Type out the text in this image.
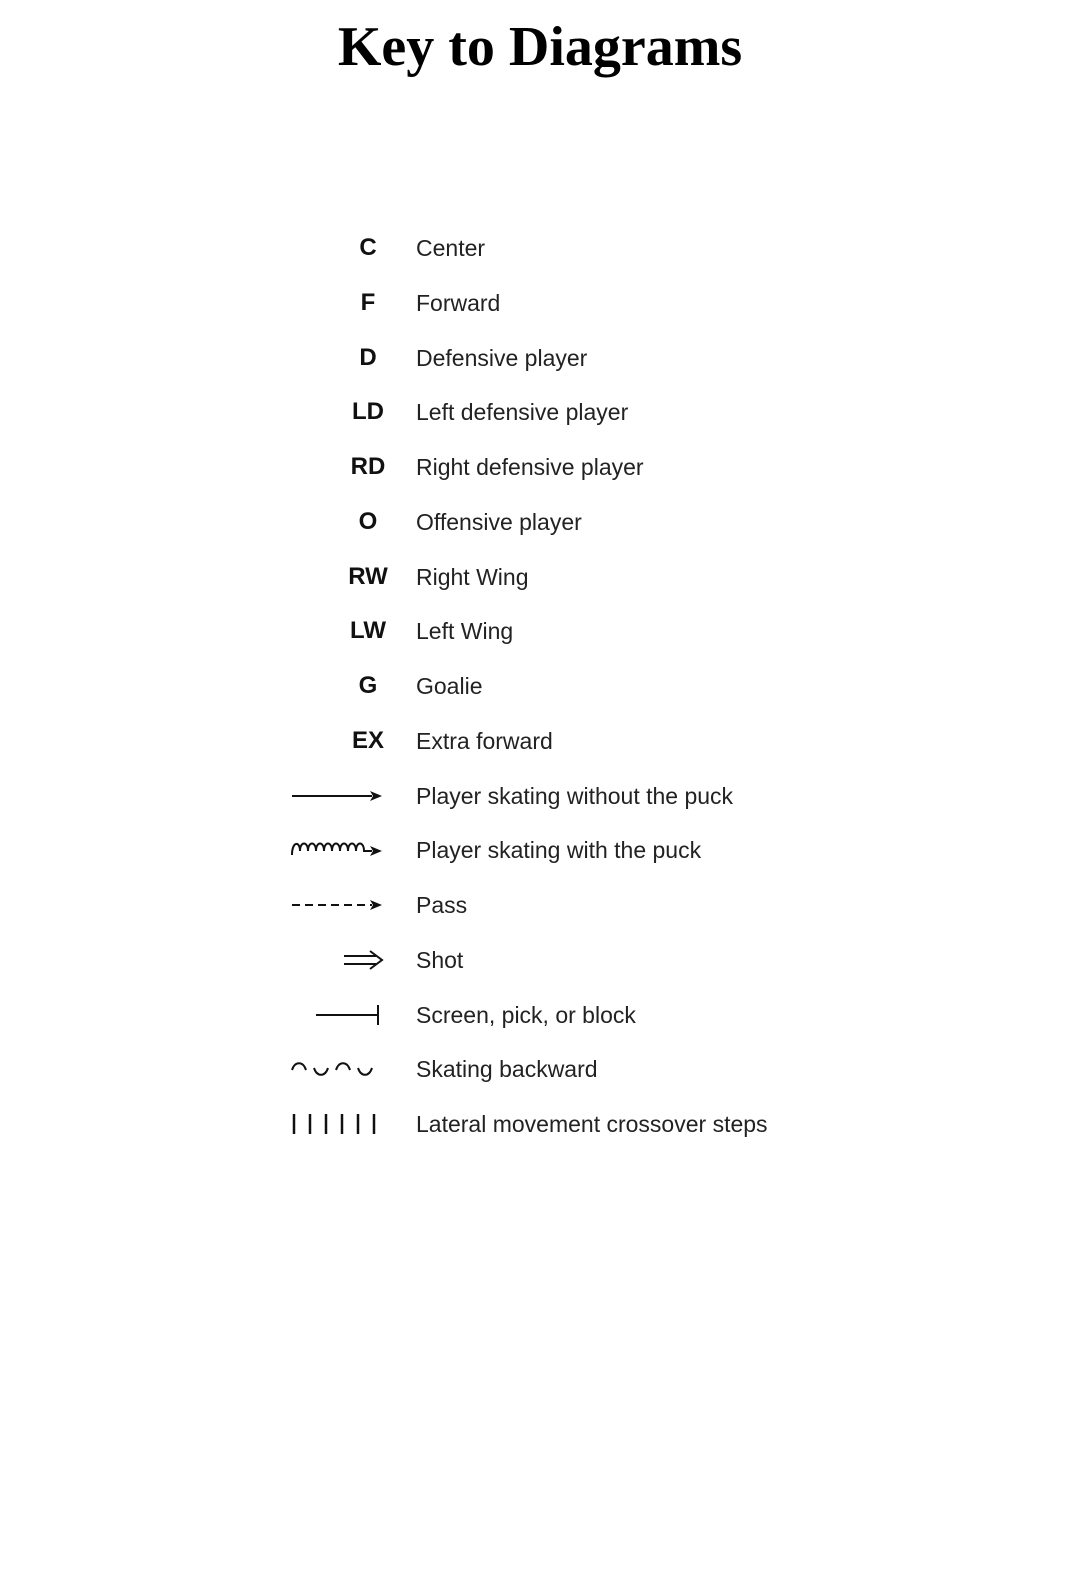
Key to Diagrams
C Center
F Forward
D Defensive player
LD Left defensive player
RD Right defensive player
O Offensive player
RW Right Wing
LW Left Wing
G Goalie
EX Extra forward
Player skating without the puck
Player skating with the puck
Pass
Shot
Screen, pick, or block
Skating backward
Lateral movement crossover steps
